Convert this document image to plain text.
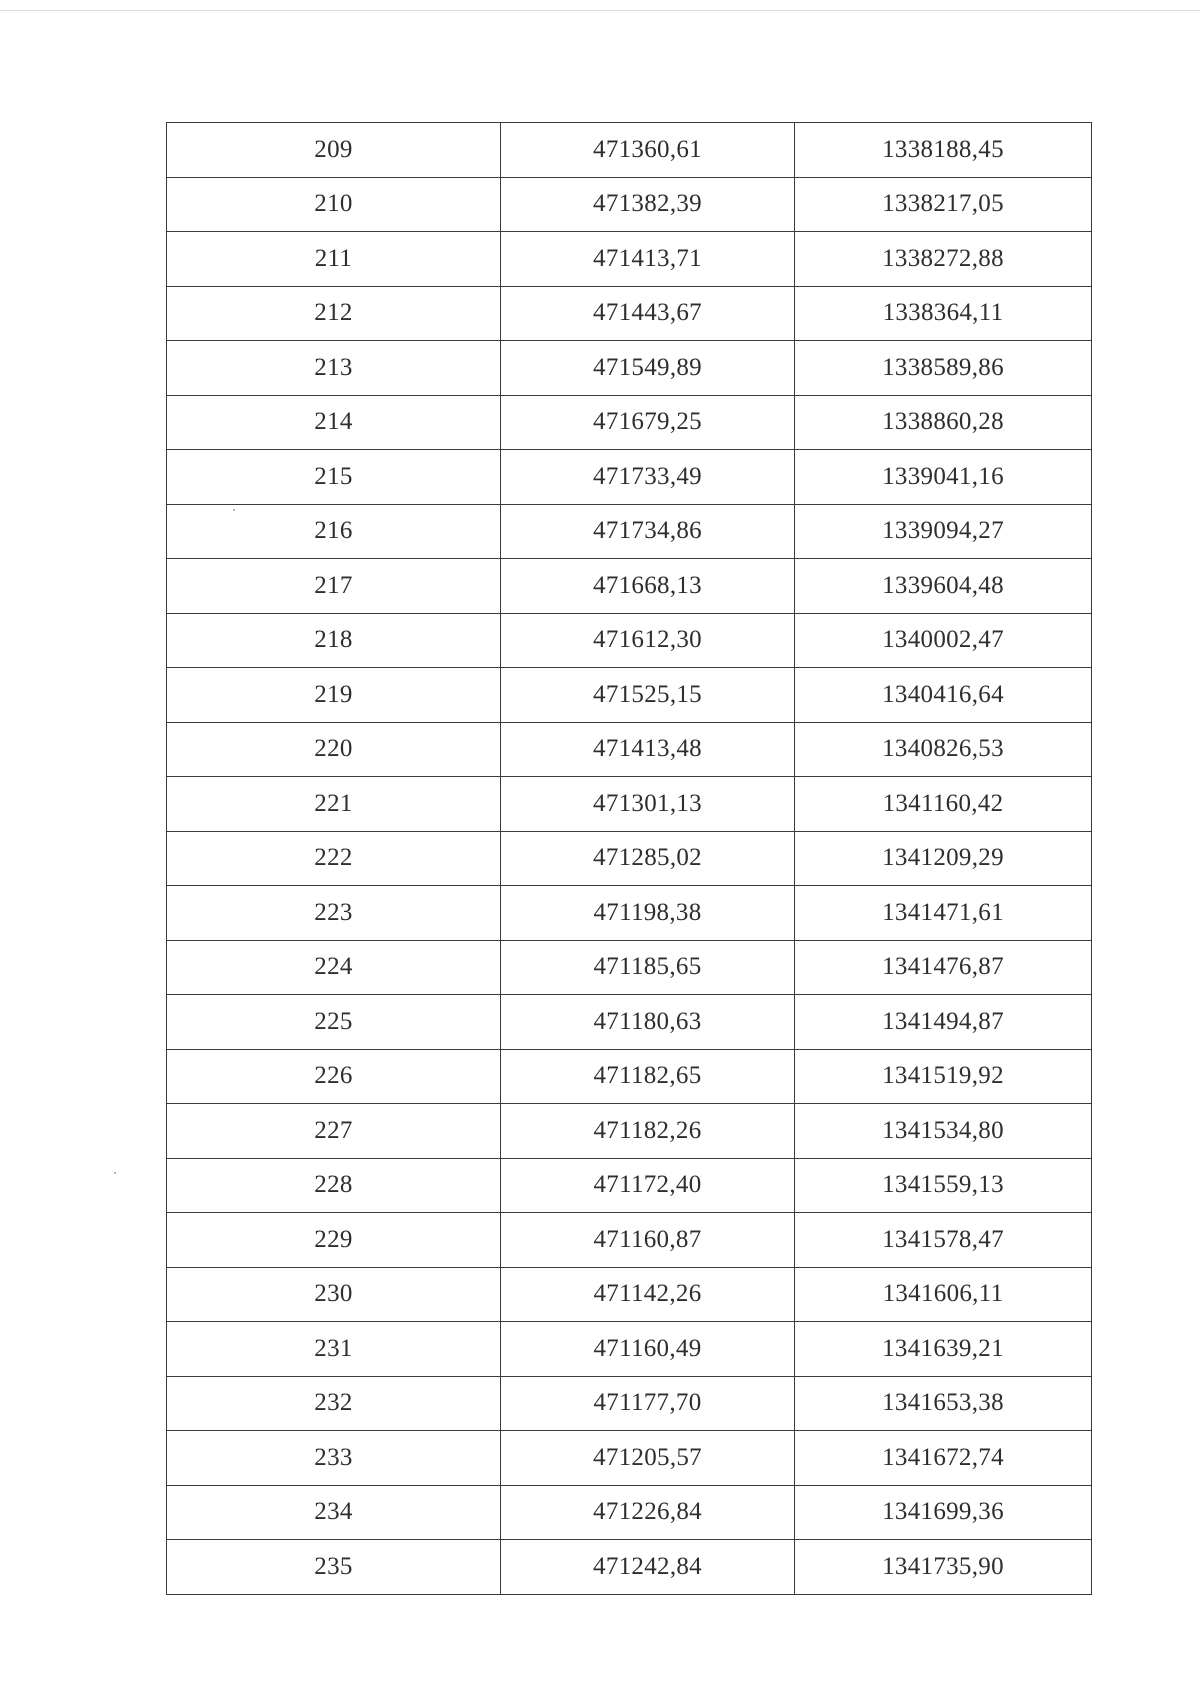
209	471360,61	1338188,45
210	471382,39	1338217,05
211	471413,71	1338272,88
212	471443,67	1338364,11
213	471549,89	1338589,86
214	471679,25	1338860,28
215	471733,49	1339041,16
216	471734,86	1339094,27
217	471668,13	1339604,48
218	471612,30	1340002,47
219	471525,15	1340416,64
220	471413,48	1340826,53
221	471301,13	1341160,42
222	471285,02	1341209,29
223	471198,38	1341471,61
224	471185,65	1341476,87
225	471180,63	1341494,87
226	471182,65	1341519,92
227	471182,26	1341534,80
228	471172,40	1341559,13
229	471160,87	1341578,47
230	471142,26	1341606,11
231	471160,49	1341639,21
232	471177,70	1341653,38
233	471205,57	1341672,74
234	471226,84	1341699,36
235	471242,84	1341735,90
